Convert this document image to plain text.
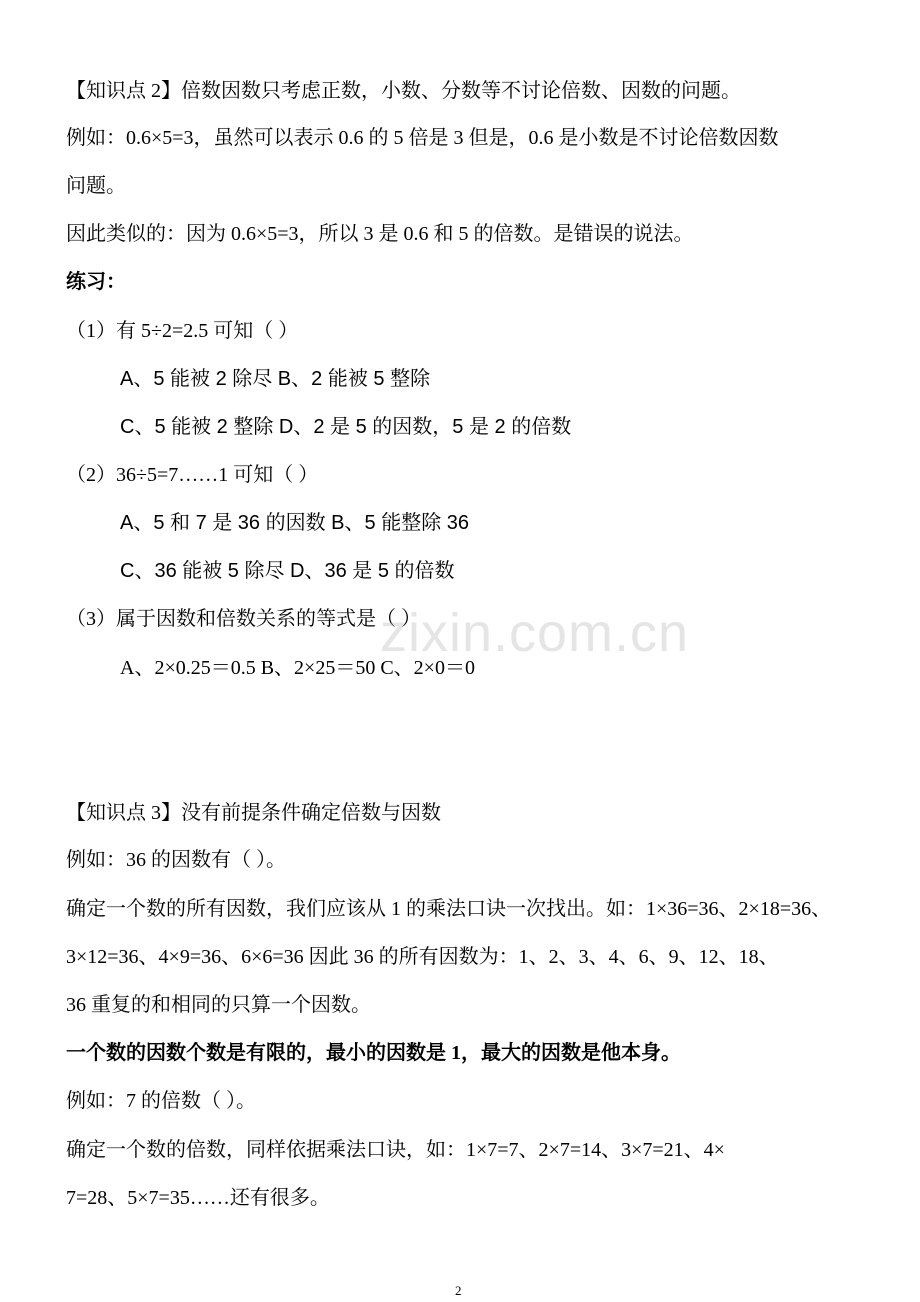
【知识点 2】倍数因数只考虑正数，小数、分数等不讨论倍数、因数的问题。
例如：0.6×5=3，虽然可以表示 0.6 的 5 倍是 3 但是，0.6 是小数是不讨论倍数因数
问题。
因此类似的：因为 0.6×5=3，所以 3 是 0.6 和 5 的倍数。是错误的说法。
练习：
（1）有 5÷2=2.5 可知（ ）
A、5 能被 2 除尽 B、2 能被 5 整除
C、5 能被 2 整除 D、2 是 5 的因数，5 是 2 的倍数
（2）36÷5=7……1 可知（ ）
A、5 和 7 是 36 的因数 B、5 能整除 36
C、36 能被 5 除尽 D、36 是 5 的倍数
（3）属于因数和倍数关系的等式是（ ）
A、2×0.25＝0.5 B、2×25＝50 C、2×0＝0
【知识点 3】没有前提条件确定倍数与因数
例如：36 的因数有（ ）。
确定一个数的所有因数，我们应该从 1 的乘法口诀一次找出。如：1×36=36、2×18=36、
3×12=36、4×9=36、6×6=36 因此 36 的所有因数为：1、2、3、4、6、9、12、18、
36 重复的和相同的只算一个因数。
一个数的因数个数是有限的，最小的因数是 1，最大的因数是他本身。
例如：7 的倍数（ ）。
确定一个数的倍数，同样依据乘法口诀，如：1×7=7、2×7=14、3×7=21、4×
7=28、5×7=35……还有很多。
zixin.com.cn
2
